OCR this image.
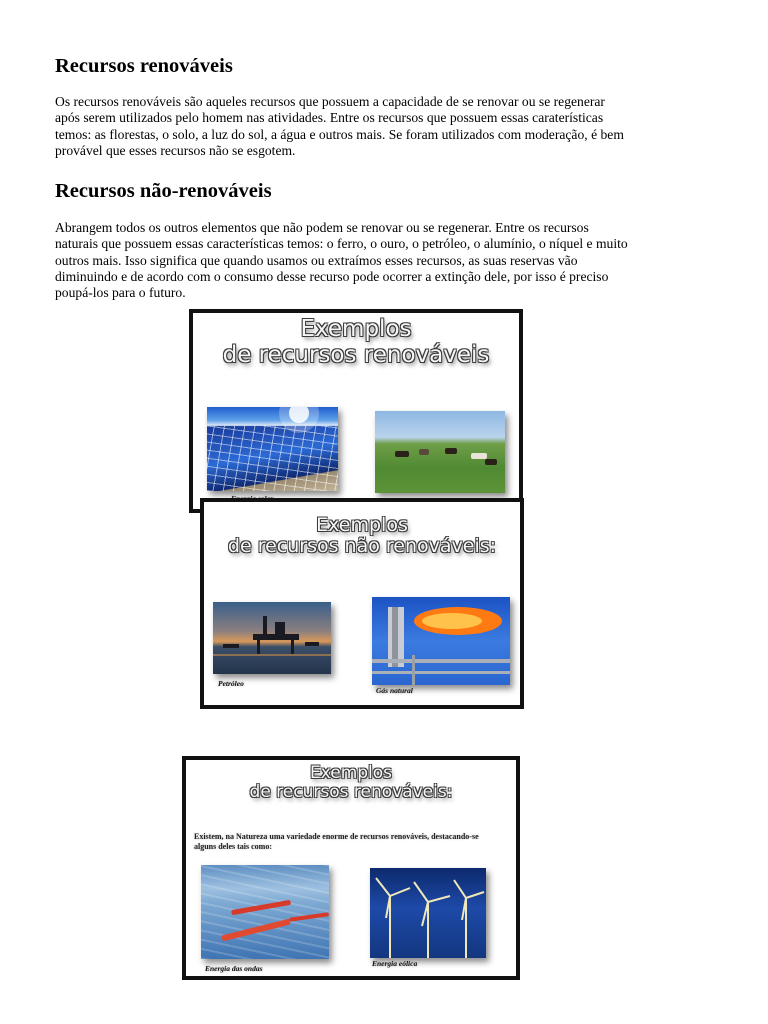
Recursos renováveis

Os recursos renováveis são aqueles recursos que possuem a capacidade de se renovar ou se regenerar
após serem utilizados pelo homem nas atividades. Entre os recursos que possuem essas caraterísticas
temos: as florestas, o solo, a luz do sol, a água e outros mais. Se foram utilizados com moderação, é bem
provável que esses recursos não se esgotem.

Recursos não-renováveis

Abrangem todos os outros elementos que não podem se renovar ou se regenerar. Entre os recursos
naturais que possuem essas características temos: o ferro, o ouro, o petróleo, o alumínio, o níquel e muito
outros mais. Isso significa que quando usamos ou extraímos esses recursos, as suas reservas vão
diminuindo e de acordo com o consumo desse recurso pode ocorrer a extinção dele, por isso é preciso
poupá-los para o futuro.

Exemplos
de recursos renováveis
Exemplos
de recursos não renováveis:
Petróleo
Gás natural
Exemplos
de recursos renováveis:
Existem, na Natureza uma variedade enorme de recursos renováveis, destacando-se
alguns deles tais como:
Energia das ondas
Energia eólica
